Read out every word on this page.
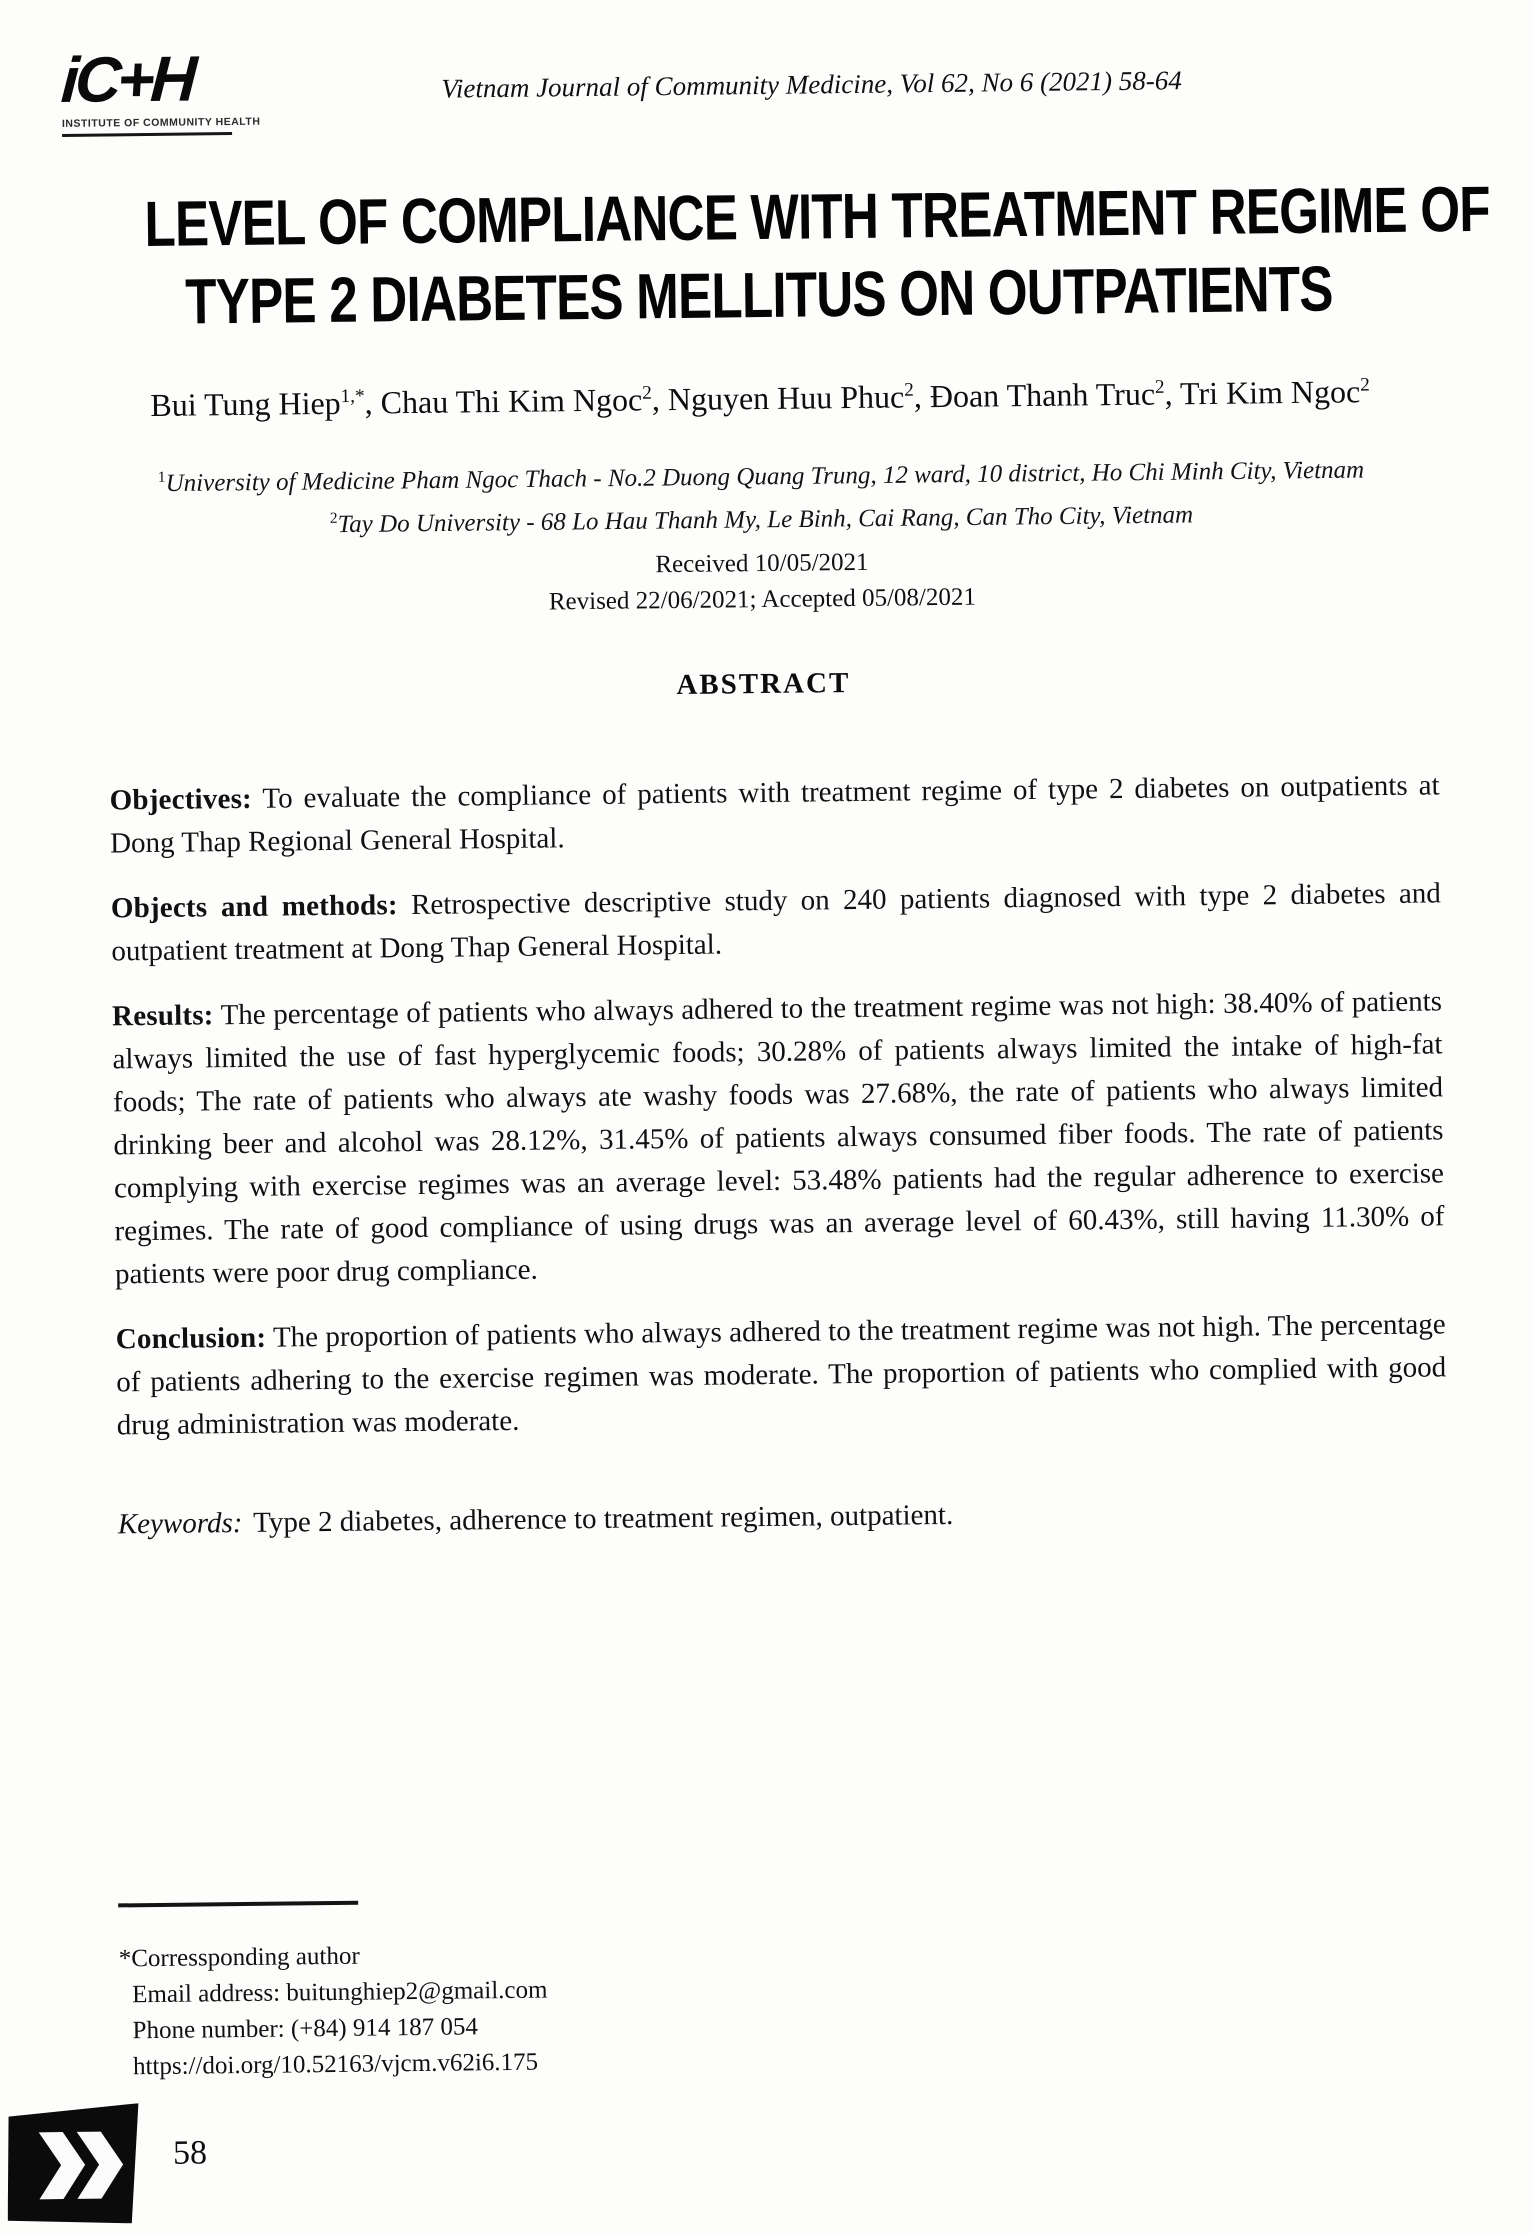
iC+H
INSTITUTE OF COMMUNITY HEALTH
Vietnam Journal of Community Medicine, Vol 62, No 6 (2021) 58-64
LEVEL OF COMPLIANCE WITH TREATMENT REGIME OF
TYPE 2 DIABETES MELLITUS ON OUTPATIENTS
Bui Tung Hiep$^{1,*}$, Chau Thi Kim Ngoc$^2$, Nguyen Huu Phuc$^2$, Đoan Thanh Truc$^2$, Tri Kim Ngoc$^2$
$^1$University of Medicine Pham Ngoc Thach - No.2 Duong Quang Trung, 12 ward, 10 district, Ho Chi Minh City, Vietnam
$^2$Tay Do University - 68 Lo Hau Thanh My, Le Binh, Cai Rang, Can Tho City, Vietnam
Received 10/05/2021
Revised 22/06/2021; Accepted 05/08/2021
ABSTRACT

Objectives: To evaluate the compliance of patients with treatment regime of type 2 diabetes on outpatients at Dong Thap Regional General Hospital.

Objects and methods: Retrospective descriptive study on 240 patients diagnosed with type 2 diabetes and outpatient treatment at Dong Thap General Hospital.

Results: The percentage of patients who always adhered to the treatment regime was not high: 38.40% of patients always limited the use of fast hyperglycemic foods; 30.28% of patients always limited the intake of high-fat foods; The rate of patients who always ate washy foods was 27.68%, the rate of patients who always limited drinking beer and alcohol was 28.12%, 31.45% of patients always consumed fiber foods. The rate of patients complying with exercise regimes was an average level: 53.48% patients had the regular adherence to exercise regimes. The rate of good compliance of using drugs was an average level of 60.43%, still having 11.30% of patients were poor drug compliance.

Conclusion: The proportion of patients who always adhered to the treatment regime was not high. The percentage of patients adhering to the exercise regimen was moderate. The proportion of patients who complied with good drug administration was moderate.

Keywords: Type 2 diabetes, adherence to treatment regimen, outpatient.

*Corressponding author
Email address: buitunghiep2@gmail.com
Phone number: (+84) 914 187 054
https://doi.org/10.52163/vjcm.v62i6.175
58
